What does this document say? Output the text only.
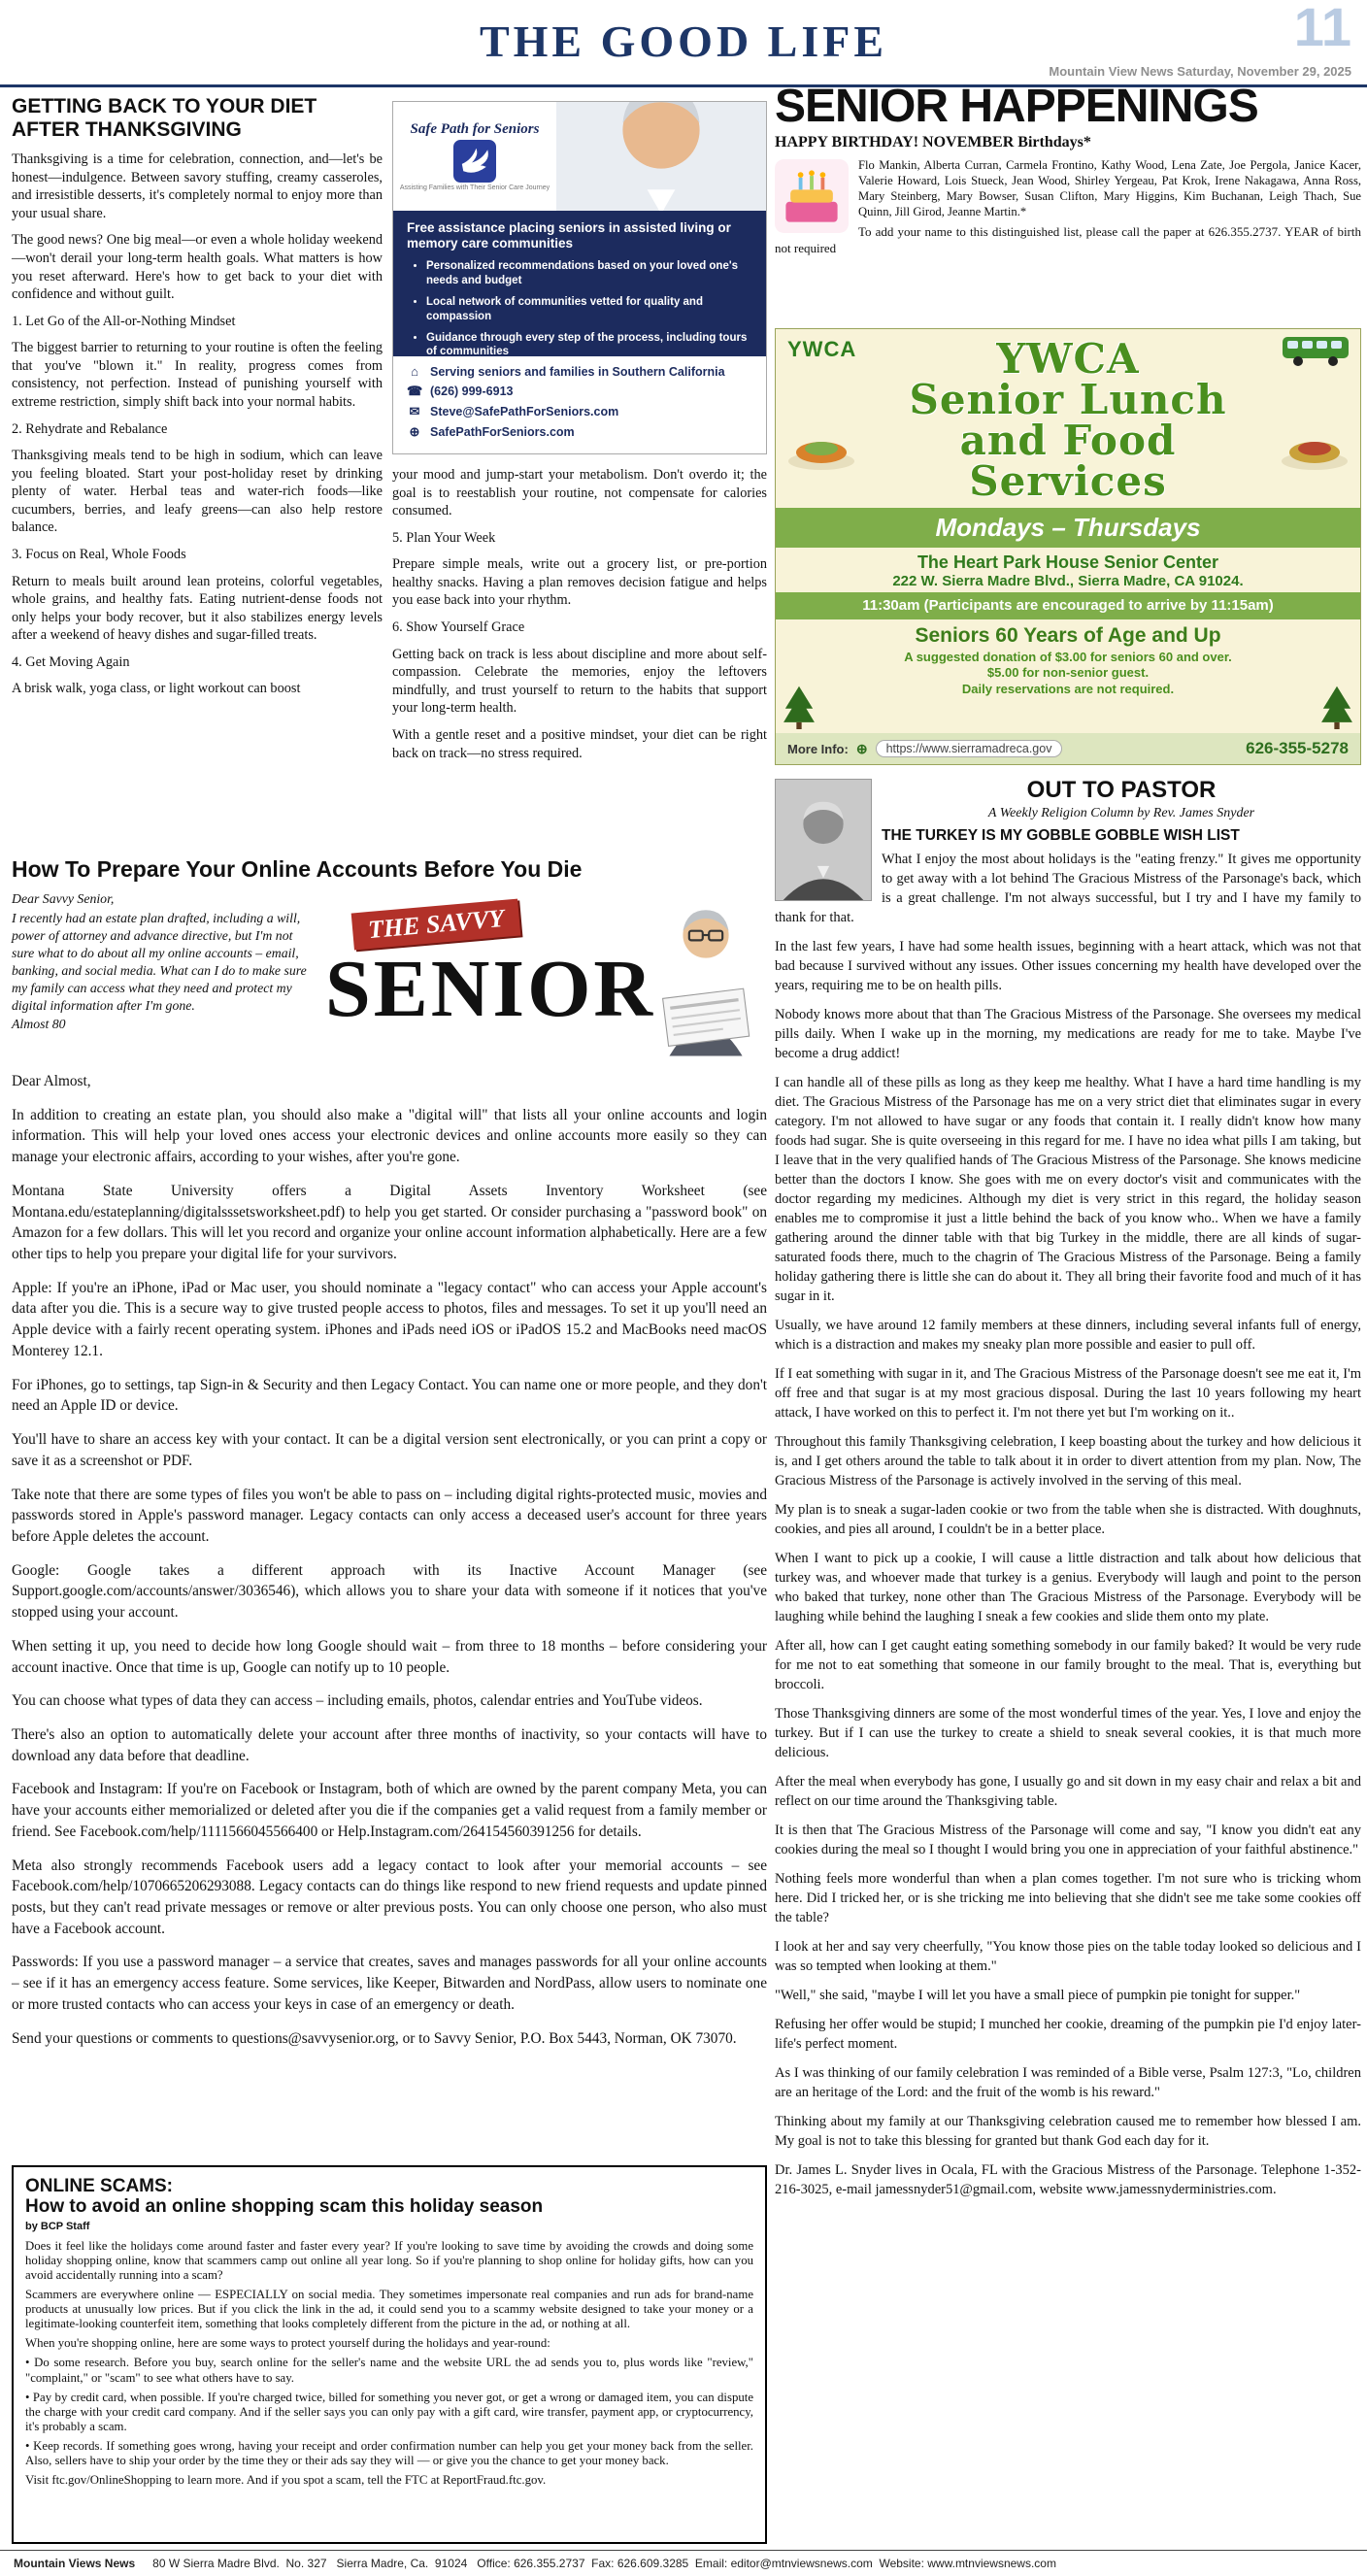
11
THE GOOD LIFE
Mountain View News Saturday, November 29, 2025
GETTING BACK TO YOUR DIET AFTER THANKSGIVING

Thanksgiving is a time for celebration, connection, and—let's be honest—indulgence. Between savory stuffing, creamy casseroles, and irresistible desserts, it's completely normal to enjoy more than your usual share.

The good news? One big meal—or even a whole holiday weekend—won't derail your long-term health goals. What matters is how you reset afterward. Here's how to get back to your diet with confidence and without guilt.

1. Let Go of the All-or-Nothing Mindset

The biggest barrier to returning to your routine is often the feeling that you've "blown it." In reality, progress comes from consistency, not perfection. Instead of punishing yourself with extreme restriction, simply shift back into your normal habits.

2. Rehydrate and Rebalance

Thanksgiving meals tend to be high in sodium, which can leave you feeling bloated. Start your post-holiday reset by drinking plenty of water. Herbal teas and water-rich foods—like cucumbers, berries, and leafy greens—can also help restore balance.

3. Focus on Real, Whole Foods

Return to meals built around lean proteins, colorful vegetables, whole grains, and healthy fats. Eating nutrient-dense foods not only helps your body recover, but it also stabilizes energy levels after a weekend of heavy dishes and sugar-filled treats.

4. Get Moving Again

A brisk walk, yoga class, or light workout can boost

Safe Path for Seniors
Assisting Families with Their Senior Care Journey
Free assistance placing seniors in assisted living or memory care communities
• Personalized recommendations based on your loved one's needs and budget
• Local network of communities vetted for quality and compassion
• Guidance through every step of the process, including tours of communities
⌂ Serving seniors and families in Southern California
☎ (626) 999-6913
✉ Steve@SafePathForSeniors.com
⊕ SafePathForSeniors.com

your mood and jump-start your metabolism. Don't overdo it; the goal is to reestablish your routine, not compensate for calories consumed.

5. Plan Your Week

Prepare simple meals, write out a grocery list, or pre-portion healthy snacks. Having a plan removes decision fatigue and helps you ease back into your rhythm.

6. Show Yourself Grace

Getting back on track is less about discipline and more about self-compassion. Celebrate the memories, enjoy the leftovers mindfully, and trust yourself to return to the habits that support your long-term health.

With a gentle reset and a positive mindset, your diet can be right back on track—no stress required.

SENIOR HAPPENINGS
HAPPY BIRTHDAY! NOVEMBER Birthdays*

Flo Mankin, Alberta Curran, Carmela Frontino, Kathy Wood, Lena Zate, Joe Pergola, Janice Kacer, Valerie Howard, Lois Stueck, Jean Wood, Shirley Yergeau, Pat Krok, Irene Nakagawa, Anna Ross, Mary Steinberg, Mary Bowser, Susan Clifton, Mary Higgins, Kim Buchanan, Leigh Thach, Sue Quinn, Jill Girod, Jeanne Martin.*

To add your name to this distinguished list, please call the paper at 626.355.2737. YEAR of birth not required

YWCA	YWCA
Senior Lunch
and Food
Services
Mondays – Thursdays
The Heart Park House Senior Center
222 W. Sierra Madre Blvd., Sierra Madre, CA 91024.
11:30am (Participants are encouraged to arrive by 11:15am)
Seniors 60 Years of Age and Up
A suggested donation of $3.00 for seniors 60 and over.
$5.00 for non-senior guest.
Daily reservations are not required.
More Info: ⊕	https://www.sierramadreca.gov	626-355-5278
OUT TO PASTOR
A Weekly Religion Column by Rev. James Snyder
THE TURKEY IS MY GOBBLE GOBBLE WISH LIST

What I enjoy the most about holidays is the "eating frenzy." It gives me opportunity to get away with a lot behind The Gracious Mistress of the Parsonage's back, which is a great challenge. I'm not always successful, but I try and I have my family to thank for that.

In the last few years, I have had some health issues, beginning with a heart attack, which was not that bad because I survived without any issues. Other issues concerning my health have developed over the years, requiring me to be on health pills.

Nobody knows more about that than The Gracious Mistress of the Parsonage. She oversees my medical pills daily. When I wake up in the morning, my medications are ready for me to take. Maybe I've become a drug addict!

I can handle all of these pills as long as they keep me healthy. What I have a hard time handling is my diet. The Gracious Mistress of the Parsonage has me on a very strict diet that eliminates sugar in every category. I'm not allowed to have sugar or any foods that contain it. I really didn't know how many foods had sugar. She is quite overseeing in this regard for me. I have no idea what pills I am taking, but I leave that in the very qualified hands of The Gracious Mistress of the Parsonage. She knows medicine better than the doctors I know. She goes with me on every doctor's visit and communicates with the doctor regarding my medicines. Although my diet is very strict in this regard, the holiday season enables me to compromise it just a little behind the back of you know who.. When we have a family gathering around the dinner table with that big Turkey in the middle, there are all kinds of sugar-saturated foods there, much to the chagrin of The Gracious Mistress of the Parsonage. Being a family holiday gathering there is little she can do about it. They all bring their favorite food and much of it has sugar in it.

Usually, we have around 12 family members at these dinners, including several infants full of energy, which is a distraction and makes my sneaky plan more possible and easier to pull off.

If I eat something with sugar in it, and The Gracious Mistress of the Parsonage doesn't see me eat it, I'm off free and that sugar is at my most gracious disposal. During the last 10 years following my heart attack, I have worked on this to perfect it. I'm not there yet but I'm working on it..

Throughout this family Thanksgiving celebration, I keep boasting about the turkey and how delicious it is, and I get others around the table to talk about it in order to divert attention from my plan. Now, The Gracious Mistress of the Parsonage is actively involved in the serving of this meal.

My plan is to sneak a sugar-laden cookie or two from the table when she is distracted. With doughnuts, cookies, and pies all around, I couldn't be in a better place.

When I want to pick up a cookie, I will cause a little distraction and talk about how delicious that turkey was, and whoever made that turkey is a genius. Everybody will laugh and point to the person who baked that turkey, none other than The Gracious Mistress of the Parsonage. Everybody will be laughing while behind the laughing I sneak a few cookies and slide them onto my plate.

After all, how can I get caught eating something somebody in our family baked? It would be very rude for me not to eat something that someone in our family brought to the meal. That is, everything but broccoli.

Those Thanksgiving dinners are some of the most wonderful times of the year. Yes, I love and enjoy the turkey. But if I can use the turkey to create a shield to sneak several cookies, it is that much more delicious.

After the meal when everybody has gone, I usually go and sit down in my easy chair and relax a bit and reflect on our time around the Thanksgiving table.

It is then that The Gracious Mistress of the Parsonage will come and say, "I know you didn't eat any cookies during the meal so I thought I would bring you one in appreciation of your faithful abstinence."

Nothing feels more wonderful than when a plan comes together. I'm not sure who is tricking whom here. Did I tricked her, or is she tricking me into believing that she didn't see me take some cookies off the table?

I look at her and say very cheerfully, "You know those pies on the table today looked so delicious and I was so tempted when looking at them."

"Well," she said, "maybe I will let you have a small piece of pumpkin pie tonight for supper."

Refusing her offer would be stupid; I munched her cookie, dreaming of the pumpkin pie I'd enjoy later-life's perfect moment.

As I was thinking of our family celebration I was reminded of a Bible verse, Psalm 127:3, "Lo, children are an heritage of the Lord: and the fruit of the womb is his reward."

Thinking about my family at our Thanksgiving celebration caused me to remember how blessed I am. My goal is not to take this blessing for granted but thank God each day for it.

Dr. James L. Snyder lives in Ocala, FL with the Gracious Mistress of the Parsonage. Telephone 1-352-216-3025, e-mail jamessnyder51@gmail.com, website www.jamessnyderministries.com.

How To Prepare Your Online Accounts Before You Die

Dear Savvy Senior,

I recently had an estate plan drafted, including a will, power of attorney and advance directive, but I'm not sure what to do about all my online accounts – email, banking, and social media. What can I do to make sure my family can access what they need and protect my digital information after I'm gone.

Almost 80

THE SAVVY
SENIOR

Dear Almost,

In addition to creating an estate plan, you should also make a "digital will" that lists all your online accounts and login information. This will help your loved ones access your electronic devices and online accounts more easily so they can manage your electronic affairs, according to your wishes, after you're gone.

Montana State University offers a Digital Assets Inventory Worksheet (see Montana.edu/estateplanning/digitalsssetsworksheet.pdf) to help you get started. Or consider purchasing a "password book" on Amazon for a few dollars. This will let you record and organize your online account information alphabetically. Here are a few other tips to help you prepare your digital life for your survivors.

Apple: If you're an iPhone, iPad or Mac user, you should nominate a "legacy contact" who can access your Apple account's data after you die. This is a secure way to give trusted people access to photos, files and messages. To set it up you'll need an Apple device with a fairly recent operating system. iPhones and iPads need iOS or iPadOS 15.2 and MacBooks need macOS Monterey 12.1.

For iPhones, go to settings, tap Sign-in & Security and then Legacy Contact. You can name one or more people, and they don't need an Apple ID or device.

You'll have to share an access key with your contact. It can be a digital version sent electronically, or you can print a copy or save it as a screenshot or PDF.

Take note that there are some types of files you won't be able to pass on – including digital rights-protected music, movies and passwords stored in Apple's password manager. Legacy contacts can only access a deceased user's account for three years before Apple deletes the account.

Google: Google takes a different approach with its Inactive Account Manager (see Support.google.com/accounts/answer/3036546), which allows you to share your data with someone if it notices that you've stopped using your account.

When setting it up, you need to decide how long Google should wait – from three to 18 months – before considering your account inactive. Once that time is up, Google can notify up to 10 people.

You can choose what types of data they can access – including emails, photos, calendar entries and YouTube videos.

There's also an option to automatically delete your account after three months of inactivity, so your contacts will have to download any data before that deadline.

Facebook and Instagram: If you're on Facebook or Instagram, both of which are owned by the parent company Meta, you can have your accounts either memorialized or deleted after you die if the companies get a valid request from a family member or friend. See Facebook.com/help/1111566045566400 or Help.Instagram.com/264154560391256 for details.

Meta also strongly recommends Facebook users add a legacy contact to look after your memorial accounts – see Facebook.com/help/1070665206293088. Legacy contacts can do things like respond to new friend requests and update pinned posts, but they can't read private messages or remove or alter previous posts. You can only choose one person, who also must have a Facebook account.

Passwords: If you use a password manager – a service that creates, saves and manages passwords for all your online accounts – see if it has an emergency access feature. Some services, like Keeper, Bitwarden and NordPass, allow users to nominate one or more trusted contacts who can access your keys in case of an emergency or death.

Send your questions or comments to questions@savvysenior.org, or to Savvy Senior, P.O. Box 5443, Norman, OK 73070.

ONLINE SCAMS:
How to avoid an online shopping scam this holiday season
by BCP Staff

Does it feel like the holidays come around faster and faster every year? If you're looking to save time by avoiding the crowds and doing some holiday shopping online, know that scammers camp out online all year long. So if you're planning to shop online for holiday gifts, how can you avoid accidentally running into a scam?

Scammers are everywhere online — ESPECIALLY on social media. They sometimes impersonate real companies and run ads for brand-name products at unusually low prices. But if you click the link in the ad, it could send you to a scammy website designed to take your money or a legitimate-looking counterfeit item, something that looks completely different from the picture in the ad, or nothing at all.

When you're shopping online, here are some ways to protect yourself during the holidays and year-round:

• Do some research. Before you buy, search online for the seller's name and the website URL the ad sends you to, plus words like "review," "complaint," or "scam" to see what others have to say.

• Pay by credit card, when possible. If you're charged twice, billed for something you never got, or get a wrong or damaged item, you can dispute the charge with your credit card company. And if the seller says you can only pay with a gift card, wire transfer, payment app, or cryptocurrency, it's probably a scam.

• Keep records. If something goes wrong, having your receipt and order confirmation number can help you get your money back from the seller. Also, sellers have to ship your order by the time they or their ads say they will — or give you the chance to get your money back.

Visit ftc.gov/OnlineShopping to learn more. And if you spot a scam, tell the FTC at ReportFraud.ftc.gov.

Mountain Views News 80 W Sierra Madre Blvd.  No. 327   Sierra Madre, Ca.  91024   Office: 626.355.2737  Fax: 626.609.3285  Email: editor@mtnviewsnews.com  Website: www.mtnviewsnews.com
